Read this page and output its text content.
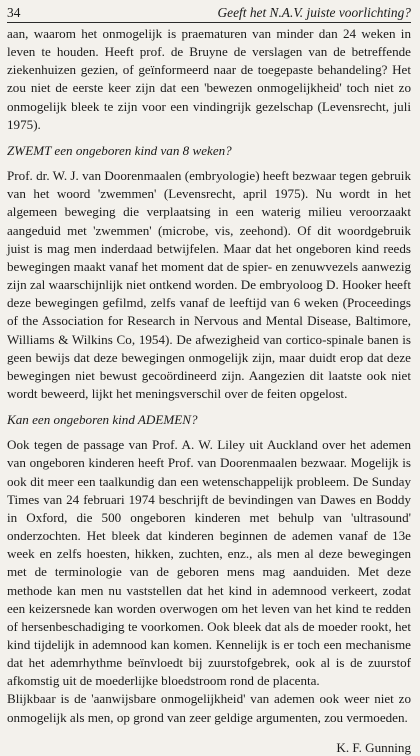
34	Geeft het N.A.V. juiste voorlichting?

aan, waarom het onmogelijk is praematuren van minder dan 24 weken in leven te houden. Heeft prof. de Bruyne de verslagen van de betreffende ziekenhuizen gezien, of geïnformeerd naar de toegepaste behandeling? Het zou niet de eerste keer zijn dat een 'bewezen onmogelijkheid' toch niet zo onmogelijk bleek te zijn voor een vindingrijk gezelschap (Levensrecht, juli 1975).

ZWEMT een ongeboren kind van 8 weken?

Prof. dr. W. J. van Doorenmaalen (embryologie) heeft bezwaar tegen gebruik van het woord 'zwemmen' (Levensrecht, april 1975). Nu wordt in het algemeen beweging die verplaatsing in een waterig milieu veroorzaakt aangeduid met 'zwemmen' (microbe, vis, zeehond). Of dit woordgebruik juist is mag men inderdaad betwijfelen. Maar dat het ongeboren kind reeds bewegingen maakt vanaf het moment dat de spier- en zenuwvezels aanwezig zijn zal waarschijnlijk niet ontkend worden. De embryoloog D. Hooker heeft deze bewegingen gefilmd, zelfs vanaf de leeftijd van 6 weken (Proceedings of the Association for Research in Nervous and Mental Disease, Baltimore, Williams & Wilkins Co, 1954). De afwezigheid van cortico-spinale banen is geen bewijs dat deze bewegingen onmogelijk zijn, maar duidt erop dat deze bewegingen niet bewust gecoördineerd zijn. Aangezien dit laatste ook niet wordt beweerd, lijkt het meningsverschil over de feiten opgelost.

Kan een ongeboren kind ADEMEN?

Ook tegen de passage van Prof. A. W. Liley uit Auckland over het ademen van ongeboren kinderen heeft Prof. van Doorenmaalen bezwaar. Mogelijk is ook dit meer een taalkundig dan een wetenschappelijk probleem. De Sunday Times van 24 februari 1974 beschrijft de bevindingen van Dawes en Boddy in Oxford, die 500 ongeboren kinderen met behulp van 'ultrasound' onderzochten. Het bleek dat kinderen beginnen de ademen vanaf de 13e week en zelfs hoesten, hikken, zuchten, enz., als men al deze bewegingen met de terminologie van de geboren mens mag aanduiden. Met deze methode kan men nu vaststellen dat het kind in ademnood verkeert, zodat een keizersnede kan worden overwogen om het leven van het kind te redden of hersenbeschadiging te voorkomen. Ook bleek dat als de moeder rookt, het kind tijdelijk in ademnood kan komen. Kennelijk is er toch een mechanisme dat het ademrhythme beïnvloedt bij zuurstofgebrek, ook al is de zuurstof afkomstig uit de moederlijke bloedstroom rond de placenta.

Blijkbaar is de 'aanwijsbare onmogelijkheid' van ademen ook weer niet zo onmogelijk als men, op grond van zeer geldige argumenten, zou vermoeden.

K. F. Gunning
